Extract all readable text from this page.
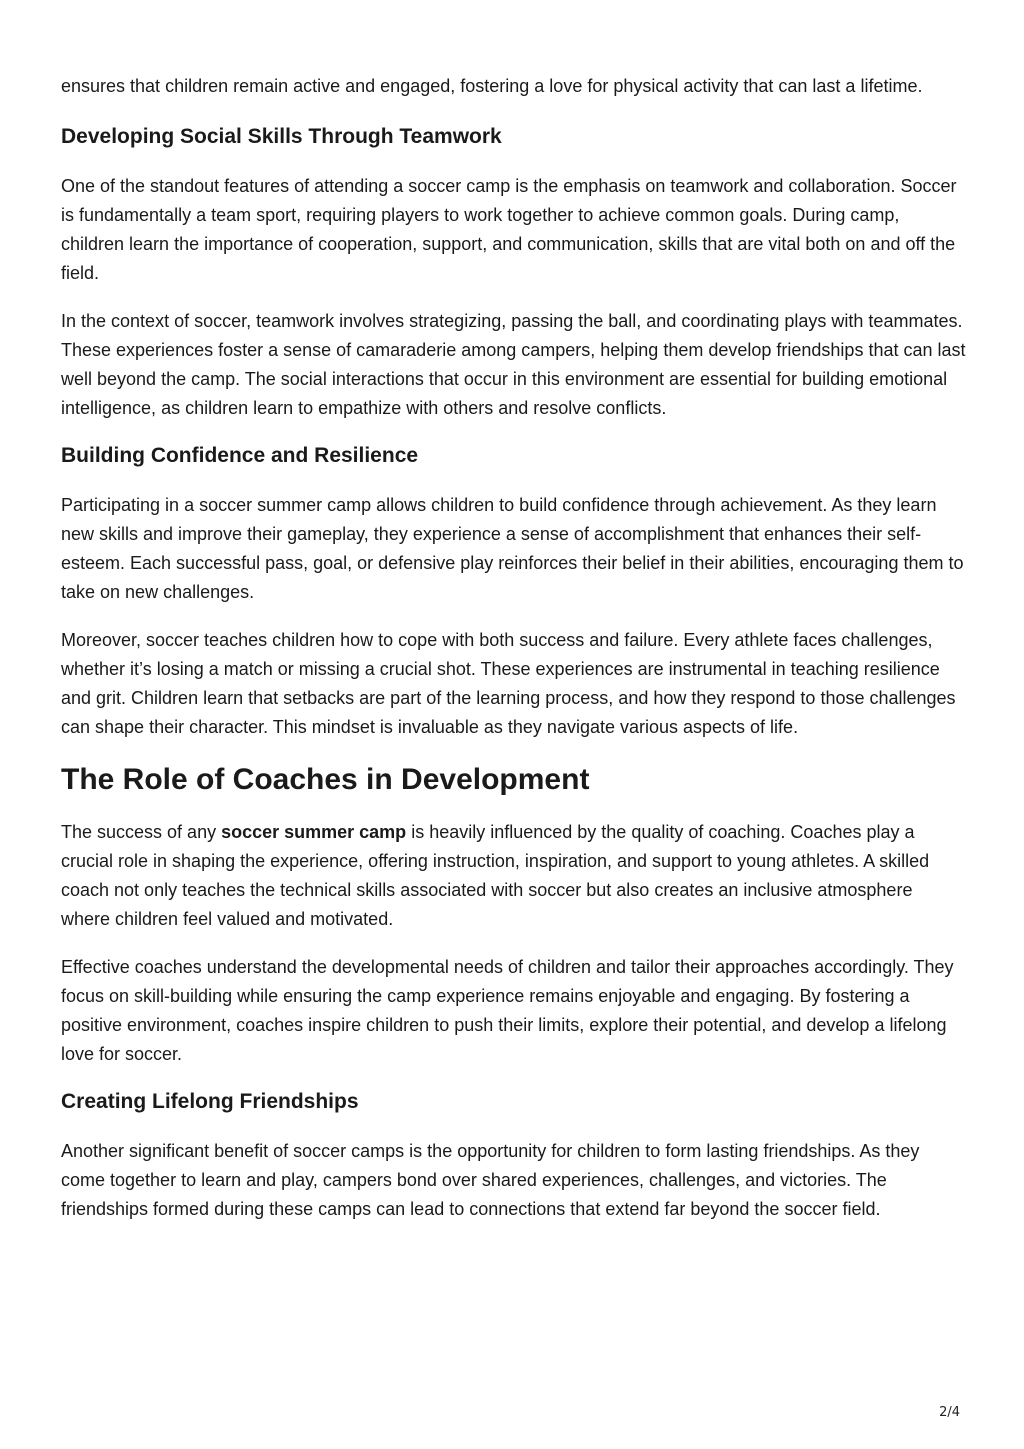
ensures that children remain active and engaged, fostering a love for physical activity that can last a lifetime.

Developing Social Skills Through Teamwork

One of the standout features of attending a soccer camp is the emphasis on teamwork and collaboration. Soccer is fundamentally a team sport, requiring players to work together to achieve common goals. During camp, children learn the importance of cooperation, support, and communication, skills that are vital both on and off the field.

In the context of soccer, teamwork involves strategizing, passing the ball, and coordinating plays with teammates. These experiences foster a sense of camaraderie among campers, helping them develop friendships that can last well beyond the camp. The social interactions that occur in this environment are essential for building emotional intelligence, as children learn to empathize with others and resolve conflicts.

Building Confidence and Resilience

Participating in a soccer summer camp allows children to build confidence through achievement. As they learn new skills and improve their gameplay, they experience a sense of accomplishment that enhances their self-esteem. Each successful pass, goal, or defensive play reinforces their belief in their abilities, encouraging them to take on new challenges.

Moreover, soccer teaches children how to cope with both success and failure. Every athlete faces challenges, whether it’s losing a match or missing a crucial shot. These experiences are instrumental in teaching resilience and grit. Children learn that setbacks are part of the learning process, and how they respond to those challenges can shape their character. This mindset is invaluable as they navigate various aspects of life.

The Role of Coaches in Development

The success of any soccer summer camp is heavily influenced by the quality of coaching. Coaches play a crucial role in shaping the experience, offering instruction, inspiration, and support to young athletes. A skilled coach not only teaches the technical skills associated with soccer but also creates an inclusive atmosphere where children feel valued and motivated.

Effective coaches understand the developmental needs of children and tailor their approaches accordingly. They focus on skill-building while ensuring the camp experience remains enjoyable and engaging. By fostering a positive environment, coaches inspire children to push their limits, explore their potential, and develop a lifelong love for soccer.

Creating Lifelong Friendships

Another significant benefit of soccer camps is the opportunity for children to form lasting friendships. As they come together to learn and play, campers bond over shared experiences, challenges, and victories. The friendships formed during these camps can lead to connections that extend far beyond the soccer field.

2/4
